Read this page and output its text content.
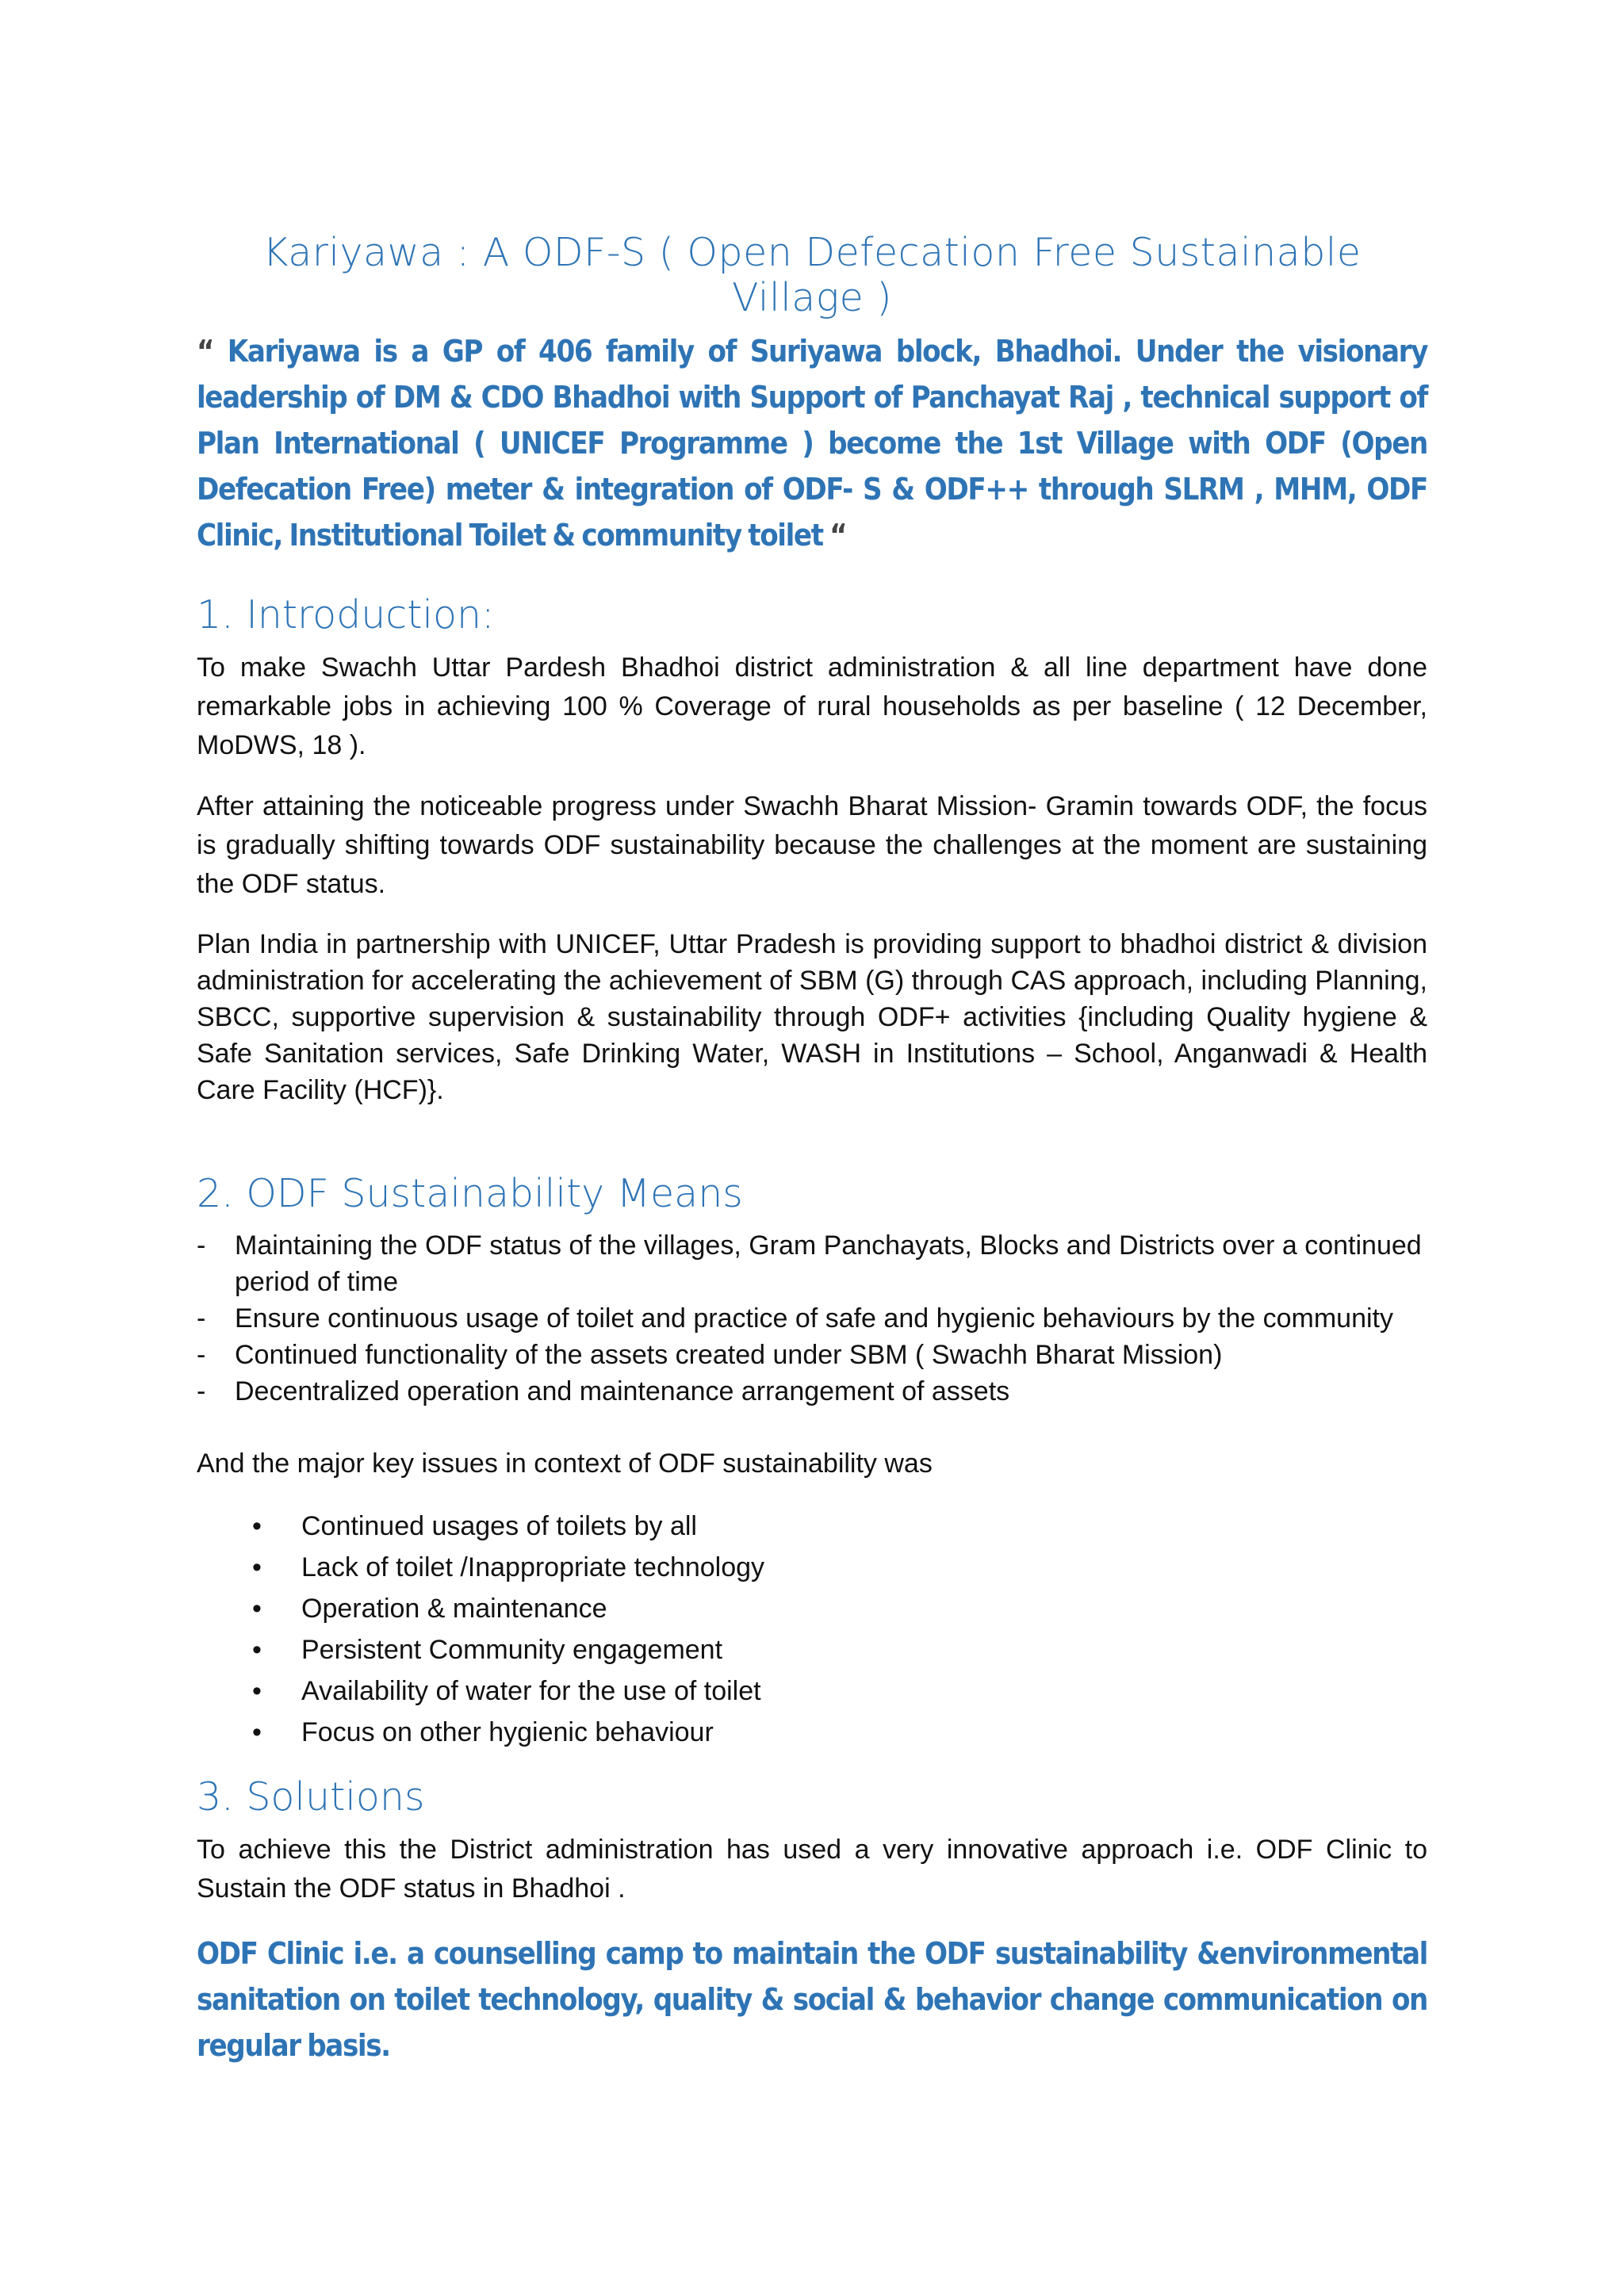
Kariyawa : A ODF-S ( Open Defecation Free Sustainable Village )

“ Kariyawa is a GP of 406 family of Suriyawa block, Bhadhoi. Under the visionary leadership of DM & CDO Bhadhoi with Support of Panchayat Raj , technical support of Plan International ( UNICEF Programme ) become the 1st Village with ODF (Open Defecation Free) meter & integration of ODF- S & ODF++ through SLRM , MHM, ODF Clinic, Institutional Toilet & community toilet “

1. Introduction:

To make Swachh Uttar Pardesh Bhadhoi district administration & all line department have done remarkable jobs in achieving 100 % Coverage of rural households as per baseline ( 12 December, MoDWS, 18 ).

After attaining the noticeable progress under Swachh Bharat Mission- Gramin towards ODF, the focus is gradually shifting towards ODF sustainability because the challenges at the moment are sustaining the ODF status.

Plan India in partnership with UNICEF, Uttar Pradesh is providing support to bhadhoi district & division administration for accelerating the achievement of SBM (G) through CAS approach, including Planning, SBCC, supportive supervision & sustainability through ODF+ activities {including Quality hygiene & Safe Sanitation services, Safe Drinking Water, WASH in Institutions – School, Anganwadi & Health Care Facility (HCF)}.

2. ODF Sustainability Means
-	Maintaining the ODF status of the villages, Gram Panchayats, Blocks and Districts over a continued period of time
-	Ensure continuous usage of toilet and practice of safe and hygienic behaviours by the community
-	Continued functionality of the assets created under SBM ( Swachh Bharat Mission)
-	Decentralized operation and maintenance arrangement of assets

And the major key issues in context of ODF sustainability was

•	Continued usages of toilets by all
•	Lack of toilet /Inappropriate technology
•	Operation & maintenance
•	Persistent Community engagement
•	Availability of water for the use of toilet
•	Focus on other hygienic behaviour
3. Solutions

To achieve this the District administration has used a very innovative approach i.e. ODF Clinic to Sustain the ODF status in Bhadhoi .

ODF Clinic i.e. a counselling camp to maintain the ODF sustainability &environmental sanitation on toilet technology, quality & social & behavior change communication on regular basis.
